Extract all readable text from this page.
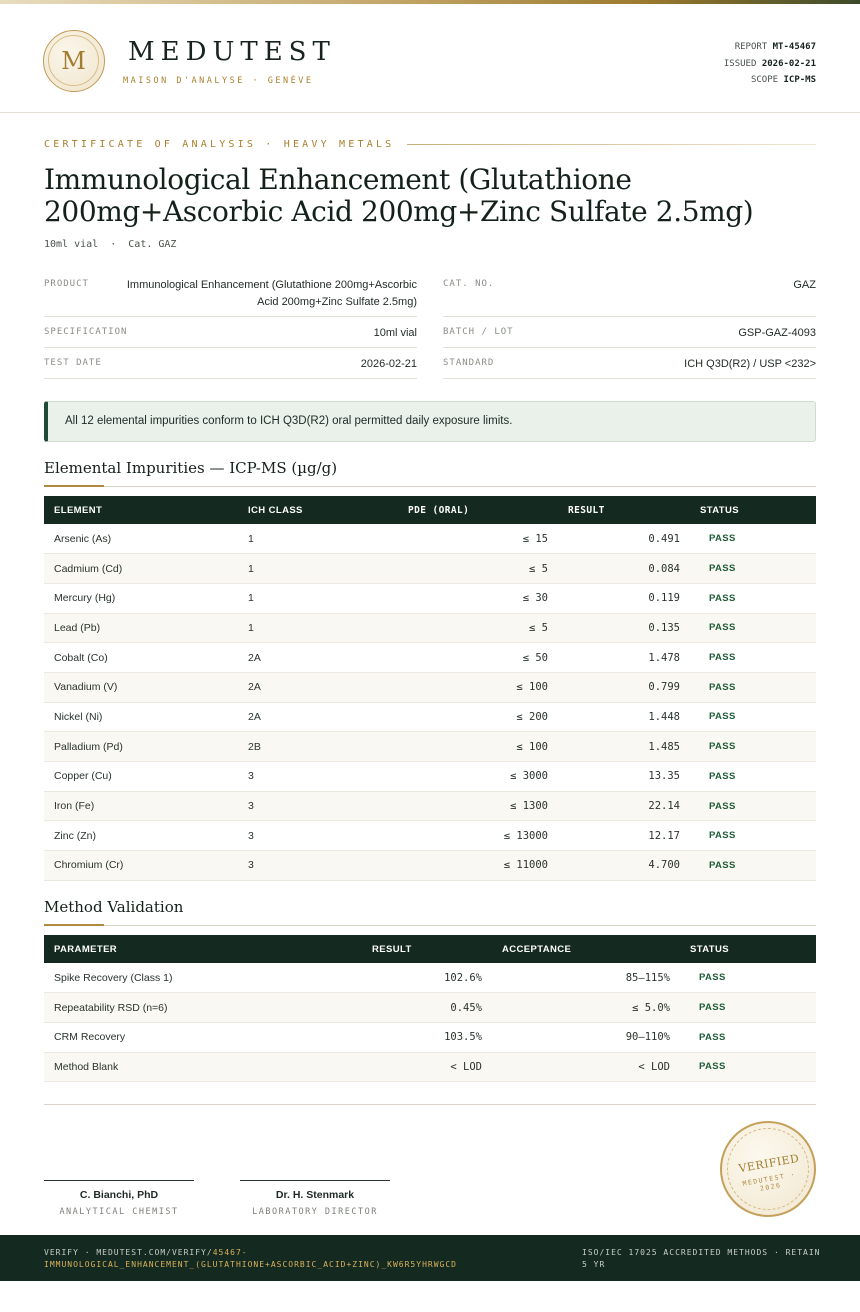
M	MEDUTEST
MAISON D'ANALYSE · GENÈVE
REPORT MT-45467
ISSUED 2026-02-21
SCOPE ICP-MS
CERTIFICATE OF ANALYSIS · HEAVY METALS
Immunological Enhancement (Glutathione 200mg+Ascorbic Acid 200mg+Zinc Sulfate 2.5mg)
10ml vial  ·  Cat. GAZ
PRODUCT	Immunological Enhancement (Glutathione 200mg+Ascorbic Acid 200mg+Zinc Sulfate 2.5mg)
CAT. NO.	GAZ
SPECIFICATION	10ml vial	BATCH / LOT	GSP-GAZ-4093
TEST DATE	2026-02-21	STANDARD	ICH Q3D(R2) / USP <232>
All 12 elemental impurities conform to ICH Q3D(R2) oral permitted daily exposure limits.
Elemental Impurities — ICP-MS (µg/g)
ELEMENT	ICH CLASS	PDE (ORAL)	RESULT	STATUS
Arsenic (As)	1	≤ 15	0.491	PASS
Cadmium (Cd)	1	≤ 5	0.084	PASS
Mercury (Hg)	1	≤ 30	0.119	PASS
Lead (Pb)	1	≤ 5	0.135	PASS
Cobalt (Co)	2A	≤ 50	1.478	PASS
Vanadium (V)	2A	≤ 100	0.799	PASS
Nickel (Ni)	2A	≤ 200	1.448	PASS
Palladium (Pd)	2B	≤ 100	1.485	PASS
Copper (Cu)	3	≤ 3000	13.35	PASS
Iron (Fe)	3	≤ 1300	22.14	PASS
Zinc (Zn)	3	≤ 13000	12.17	PASS
Chromium (Cr)	3	≤ 11000	4.700	PASS
Method Validation
PARAMETER	RESULT	ACCEPTANCE	STATUS
Spike Recovery (Class 1)	102.6%	85–115%	PASS
Repeatability RSD (n=6)	0.45%	≤ 5.0%	PASS
CRM Recovery	103.5%	90–110%	PASS
Method Blank	< LOD	< LOD	PASS
C. Bianchi, PhD
ANALYTICAL CHEMIST
Dr. H. Stenmark
LABORATORY DIRECTOR
VERIFIED
MEDUTEST · 2026
VERIFY · MEDUTEST.COM/VERIFY/45467-IMMUNOLOGICAL_ENHANCEMENT_(GLUTATHIONE+ASCORBIC_ACID+ZINC)_KW6R5YHRWGCD
ISO/IEC 17025 ACCREDITED METHODS · RETAIN 5 YR
